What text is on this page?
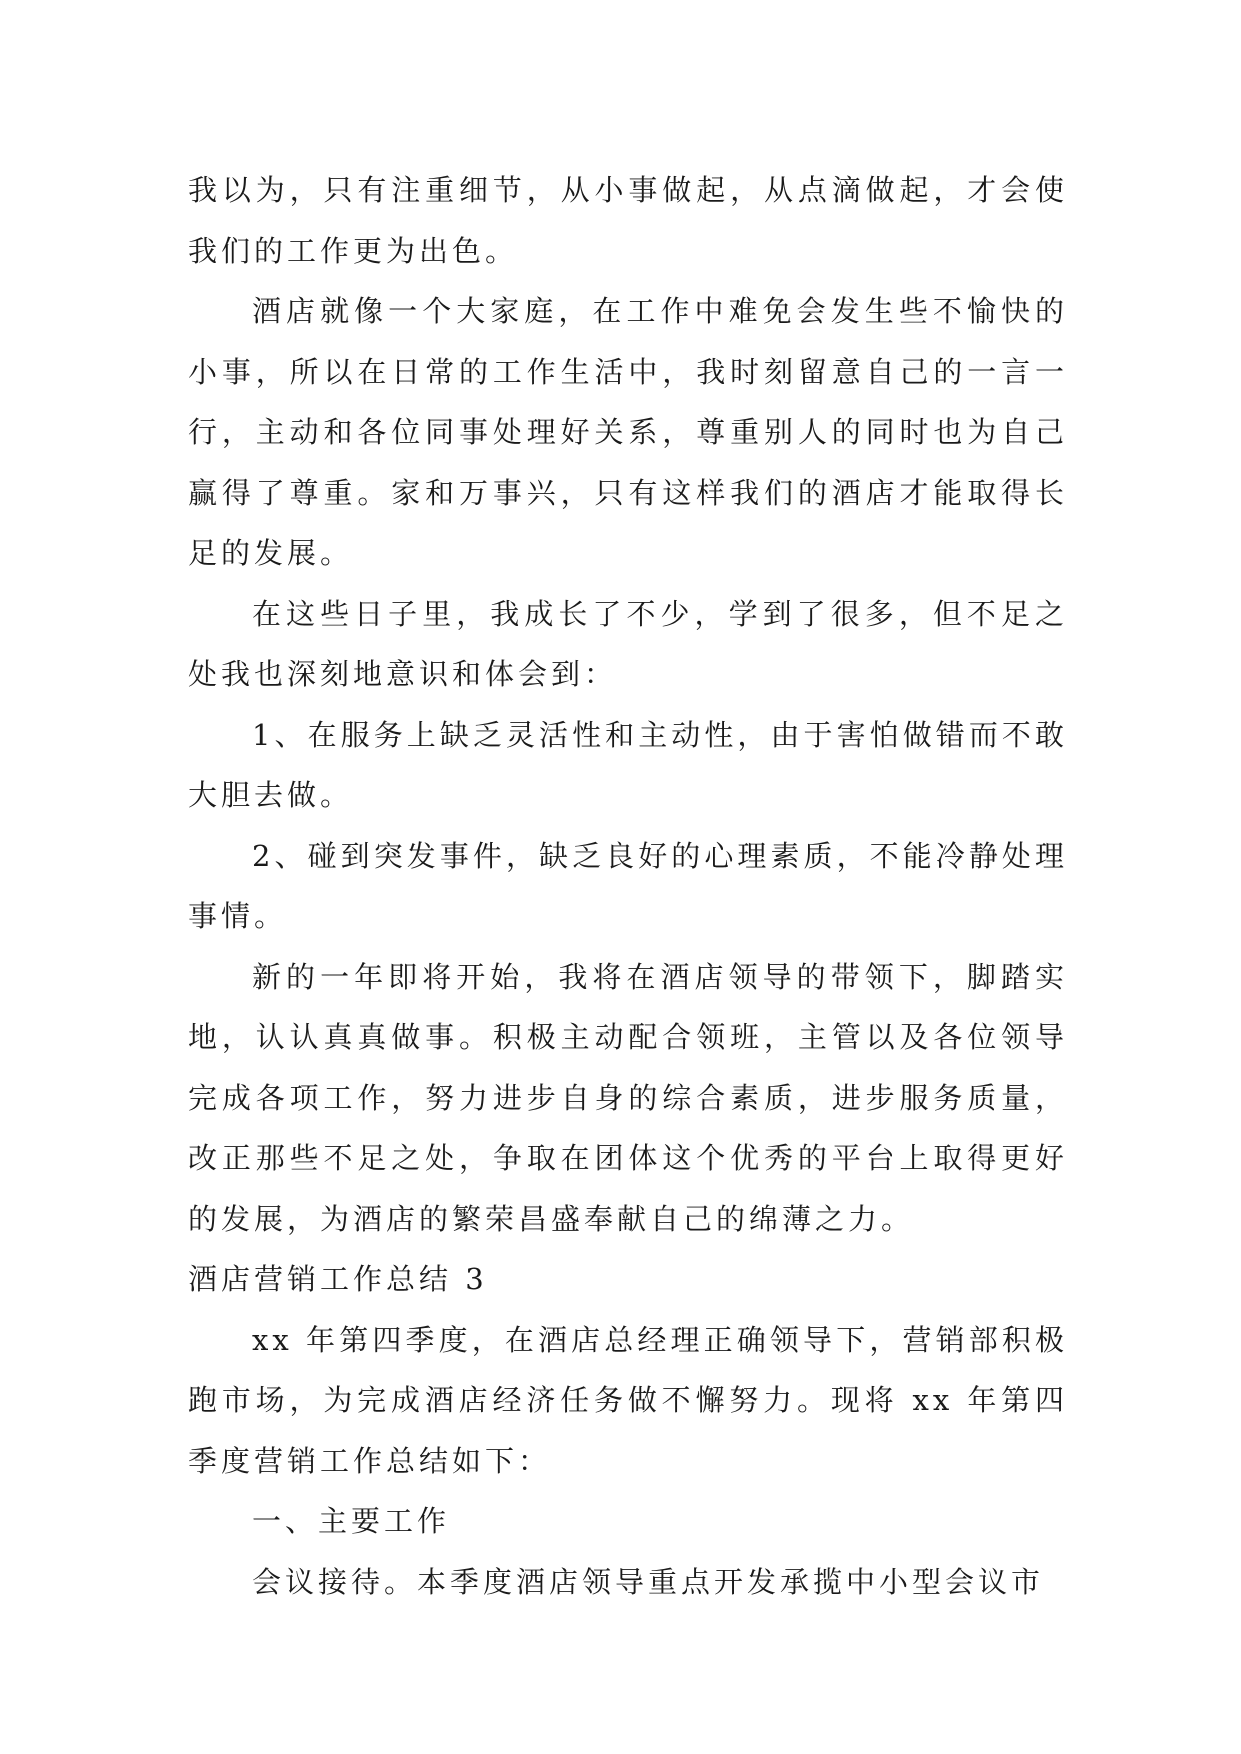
我以为，只有注重细节，从小事做起，从点滴做起，才会使我们的工作更为出色。

酒店就像一个大家庭，在工作中难免会发生些不愉快的小事，所以在日常的工作生活中，我时刻留意自己的一言一行，主动和各位同事处理好关系，尊重别人的同时也为自己赢得了尊重。家和万事兴，只有这样我们的酒店才能取得长足的发展。

在这些日子里，我成长了不少，学到了很多，但不足之处我也深刻地意识和体会到：

1、在服务上缺乏灵活性和主动性，由于害怕做错而不敢大胆去做。

2、碰到突发事件，缺乏良好的心理素质，不能冷静处理事情。

新的一年即将开始，我将在酒店领导的带领下，脚踏实地，认认真真做事。积极主动配合领班，主管以及各位领导完成各项工作，努力进步自身的综合素质，进步服务质量，改正那些不足之处，争取在团体这个优秀的平台上取得更好的发展，为酒店的繁荣昌盛奉献自己的绵薄之力。

酒店营销工作总结 3

xx 年第四季度，在酒店总经理正确领导下，营销部积极跑市场，为完成酒店经济任务做不懈努力。现将 xx 年第四季度营销工作总结如下：

一、主要工作

会议接待。本季度酒店领导重点开发承揽中小型会议市
